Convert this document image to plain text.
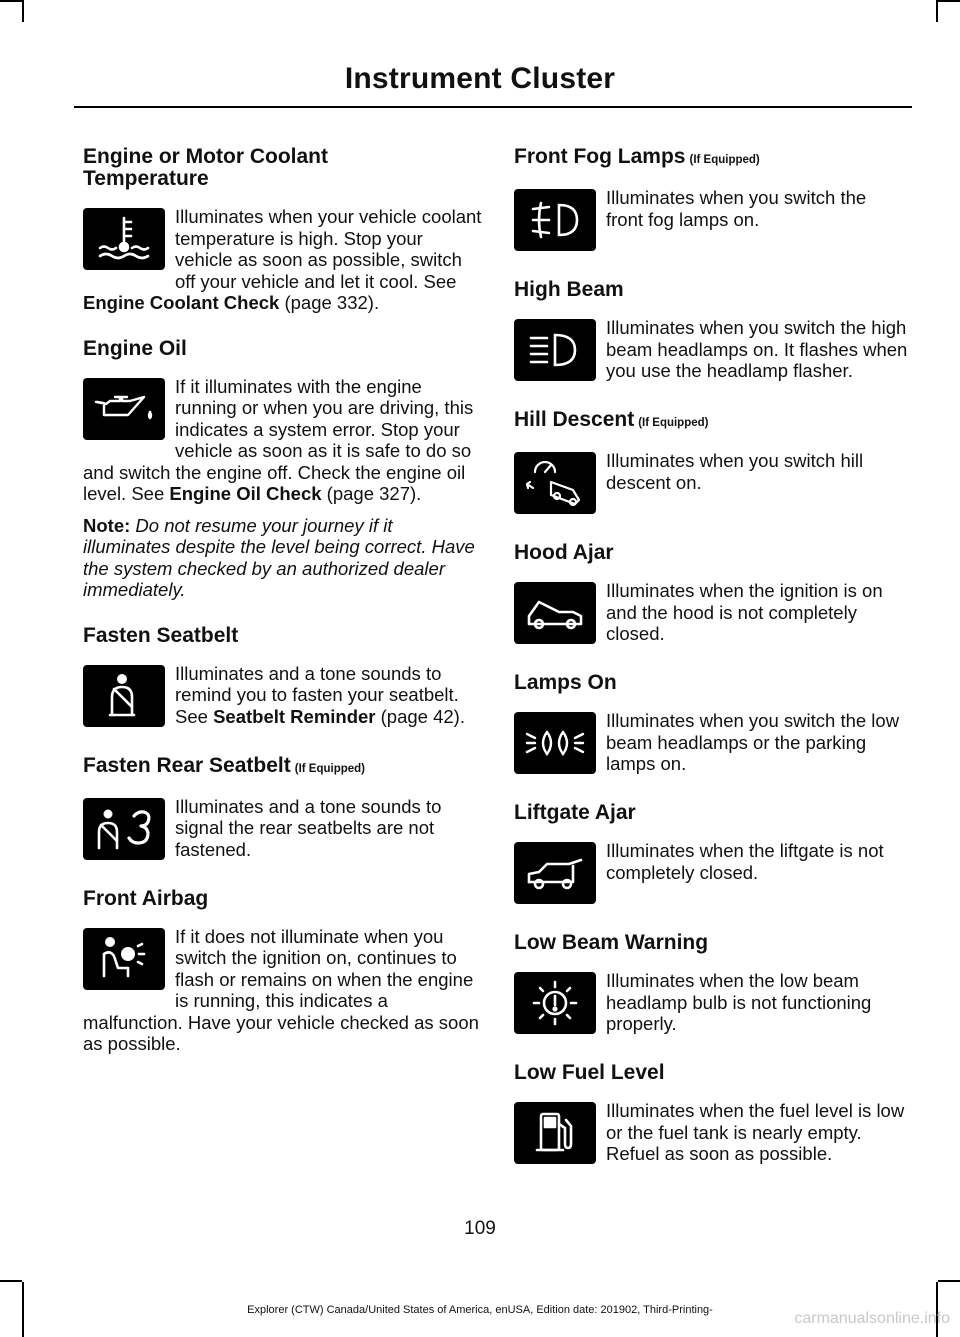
Instrument Cluster
Engine or Motor Coolant
Temperature

Illuminates when your vehicle coolant temperature is high. Stop your vehicle as soon as possible, switch off your vehicle and let it cool. See Engine Coolant Check (page 332).

Engine Oil

If it illuminates with the engine running or when you are driving, this indicates a system error. Stop your vehicle as soon as it is safe to do so and switch the engine off. Check the engine oil level. See Engine Oil Check (page 327).

Note: Do not resume your journey if it illuminates despite the level being correct. Have the system checked by an authorized dealer immediately.

Fasten Seatbelt

Illuminates and a tone sounds to remind you to fasten your seatbelt. See Seatbelt Reminder (page 42).

Fasten Rear Seatbelt (If Equipped)

Illuminates and a tone sounds to signal the rear seatbelts are not fastened.

Front Airbag

If it does not illuminate when you switch the ignition on, continues to flash or remains on when the engine is running, this indicates a malfunction. Have your vehicle checked as soon as possible.

Front Fog Lamps (If Equipped)

Illuminates when you switch the front fog lamps on.

High Beam

Illuminates when you switch the high beam headlamps on. It flashes when you use the headlamp flasher.

Hill Descent (If Equipped)

Illuminates when you switch hill descent on.

Hood Ajar

Illuminates when the ignition is on and the hood is not completely closed.

Lamps On

Illuminates when you switch the low beam headlamps or the parking lamps on.

Liftgate Ajar

Illuminates when the liftgate is not completely closed.

Low Beam Warning

Illuminates when the low beam headlamp bulb is not functioning properly.

Low Fuel Level

Illuminates when the fuel level is low or the fuel tank is nearly empty. Refuel as soon as possible.

109
Explorer (CTW) Canada/United States of America, enUSA, Edition date: 201902, Third-Printing-	carmanualsonline.info
